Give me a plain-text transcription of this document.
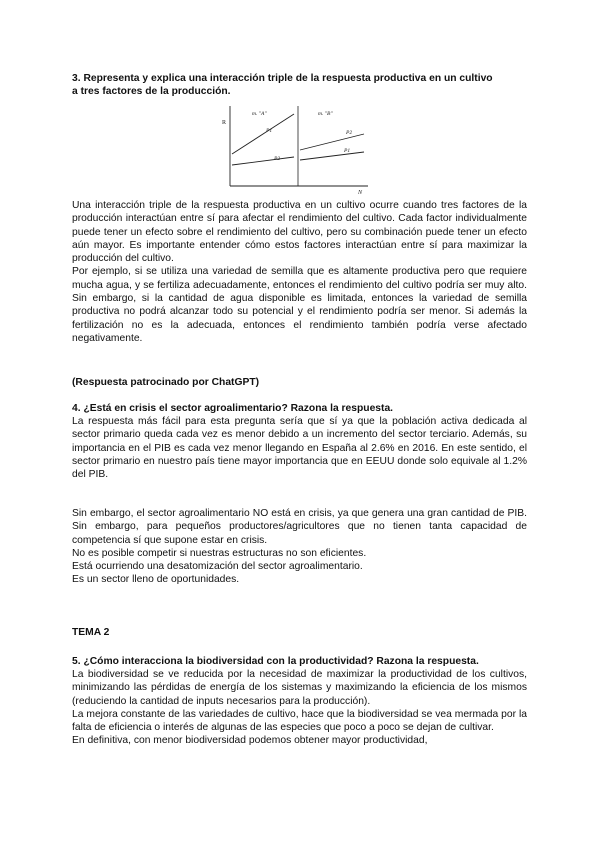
3. Representa y explica una interacción triple de la respuesta productiva en un cultivo
a tres factores de la producción.
R
N
m. "A"	m. "B"
P1
P2
P2
P1

Una interacción triple de la respuesta productiva en un cultivo ocurre cuando tres factores de la producción interactúan entre sí para afectar el rendimiento del cultivo. Cada factor individualmente puede tener un efecto sobre el rendimiento del cultivo, pero su combinación puede tener un efecto aún mayor. Es importante entender cómo estos factores interactúan entre sí para maximizar la producción del cultivo.

Por ejemplo, si se utiliza una variedad de semilla que es altamente productiva pero que requiere mucha agua, y se fertiliza adecuadamente, entonces el rendimiento del cultivo podría ser muy alto. Sin embargo, si la cantidad de agua disponible es limitada, entonces la variedad de semilla productiva no podrá alcanzar todo su potencial y el rendimiento podría ser menor. Si además la fertilización no es la adecuada, entonces el rendimiento también podría verse afectado negativamente.

(Respuesta patrocinado por ChatGPT)
4. ¿Está en crisis el sector agroalimentario? Razona la respuesta.

La respuesta más fácil para esta pregunta sería que sí ya que la población activa dedicada al sector primario queda cada vez es menor debido a un incremento del sector terciario. Además, su importancia en el PIB es cada vez menor llegando en España al 2.6% en 2016. En este sentido, el sector primario en nuestro país tiene mayor importancia que en EEUU donde solo equivale al 1.2% del PIB.

Sin embargo, el sector agroalimentario NO está en crisis, ya que genera una gran cantidad de PIB. Sin embargo, para pequeños productores/agricultores que no tienen tanta capacidad de competencia sí que supone estar en crisis.

No es posible competir si nuestras estructuras no son eficientes.
Está ocurriendo una desatomización del sector agroalimentario.
Es un sector lleno de oportunidades.
TEMA 2
5. ¿Cómo interacciona la biodiversidad con la productividad? Razona la respuesta.

La biodiversidad se ve reducida por la necesidad de maximizar la productividad de los cultivos, minimizando las pérdidas de energía de los sistemas y maximizando la eficiencia de los mismos (reduciendo la cantidad de inputs necesarios para la producción).

La mejora constante de las variedades de cultivo, hace que la biodiversidad se vea mermada por la falta de eficiencia o interés de algunas de las especies que poco a poco se dejan de cultivar.

En definitiva, con menor biodiversidad podemos obtener mayor productividad,
